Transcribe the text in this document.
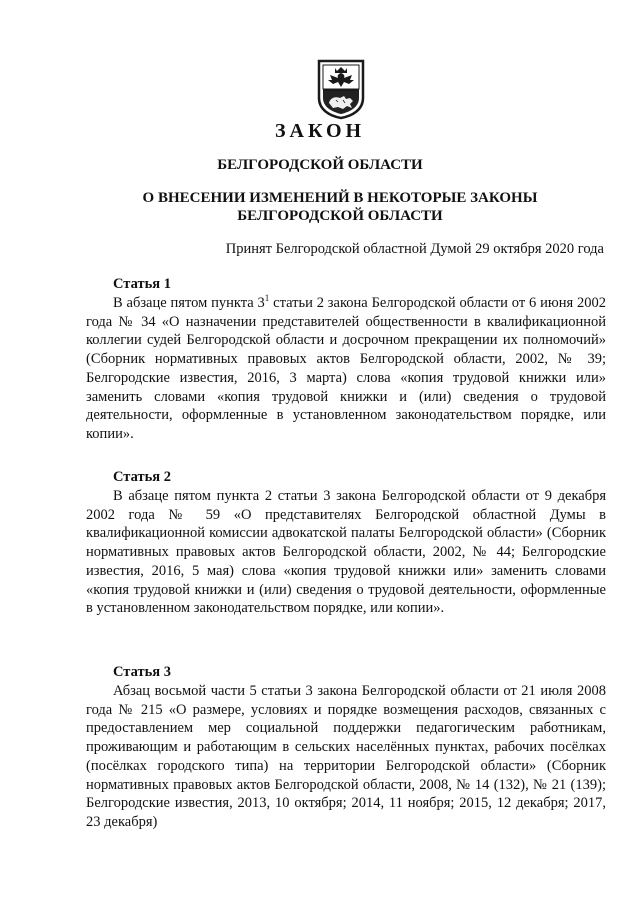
ЗАКОН
БЕЛГОРОДСКОЙ ОБЛАСТИ
О ВНЕСЕНИИ ИЗМЕНЕНИЙ В НЕКОТОРЫЕ ЗАКОНЫ БЕЛГОРОДСКОЙ ОБЛАСТИ
Принят Белгородской областной Думой 29 октября 2020 года
Статья 1

В абзаце пятом пункта $3^1$ статьи 2 закона Белгородской области от 6 июня 2002 года № 34 «О назначении представителей общественности в квалификационной коллегии судей Белгородской области и досрочном прекращении их полномочий» (Сборник нормативных правовых актов Белгородской области, 2002, № 39; Белгородские известия, 2016, 3 марта) слова «копия трудовой книжки или» заменить словами «копия трудовой книжки и (или) сведения о трудовой деятельности, оформленные в установленном законодательством порядке, или копии».

Статья 2

В абзаце пятом пункта 2 статьи 3 закона Белгородской области от 9 декабря 2002 года № 59 «О представителях Белгородской областной Думы в квалификационной комиссии адвокатской палаты Белгородской области» (Сборник нормативных правовых актов Белгородской области, 2002, № 44; Белгородские известия, 2016, 5 мая) слова «копия трудовой книжки или» заменить словами «копия трудовой книжки и (или) сведения о трудовой деятельности, оформленные в установленном законодательством порядке, или копии».

Статья 3

Абзац восьмой части 5 статьи 3 закона Белгородской области от 21 июля 2008 года № 215 «О размере, условиях и порядке возмещения расходов, связанных с предоставлением мер социальной поддержки педагогическим работникам, проживающим и работающим в сельских населённых пунктах, рабочих посёлках (посёлках городского типа) на территории Белгородской области» (Сборник нормативных правовых актов Белгородской области, 2008, № 14 (132), № 21 (139); Белгородские известия, 2013, 10 октября; 2014, 11 ноября; 2015, 12 декабря; 2017, 23 декабря)
